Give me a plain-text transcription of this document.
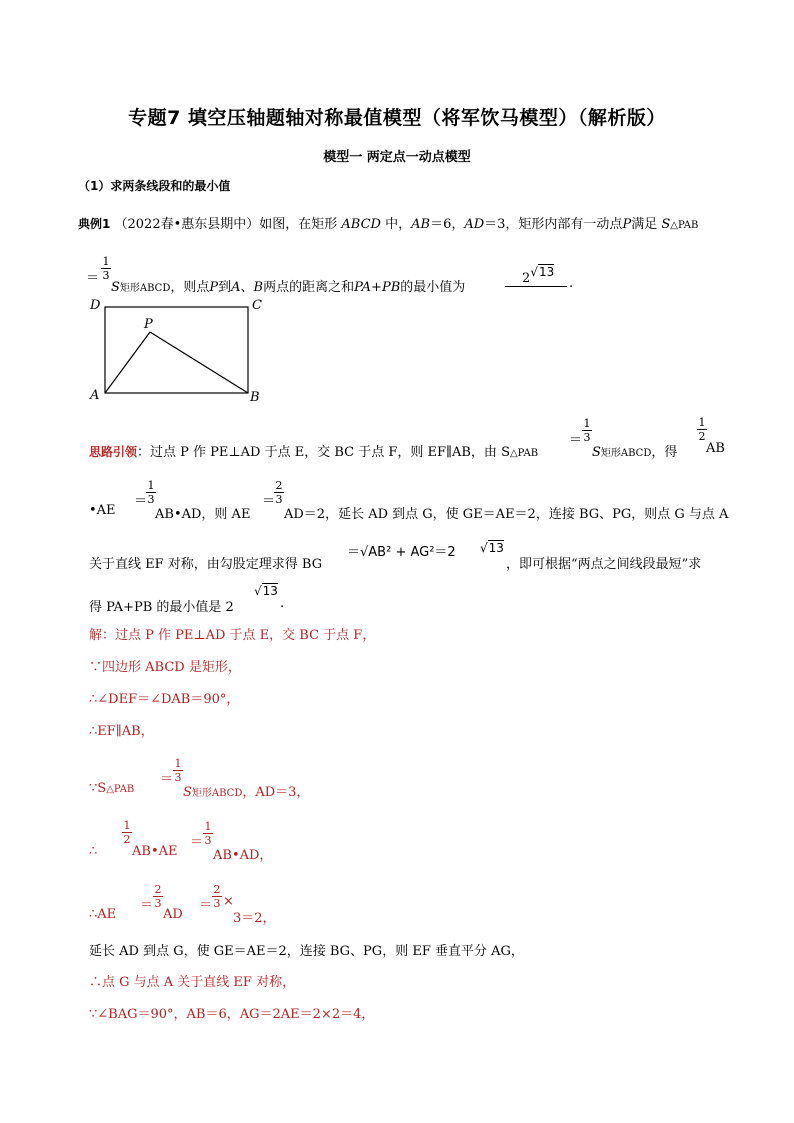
专题7 填空压轴题轴对称最值模型（将军饮马模型）（解析版）
模型一 两定点一动点模型
（1）求两条线段和的最小值
典例1 （2022春•惠东县期中）如图，在矩形 ABCD 中，AB＝6，AD＝3，矩形内部有一动点P满足 S△PAB
＝
1
3
S矩形ABCD，则点P到A、B两点的距离之和PA+PB的最小值为
2√13
.
D	C
A	B
P
思路引领：过点 P 作 PE⊥AD 于点 E，交 BC 于点 F，则 EF∥AB，由 S△PAB
＝
1
3
S矩形ABCD，得
1
2
AB
•AE
＝
1
3
AB•AD，则 AE
＝
2
3
AD＝2，延长 AD 到点 G，使 GE＝AE＝2，连接 BG、PG，则点 G 与点 A
关于直线 EF 对称，由勾股定理求得 BG
＝√AB² + AG²＝2 √13
，即可根据“两点之间线段最短”求
得 PA+PB 的最小值是 2
√13
.
解：过点 P 作 PE⊥AD 于点 E，交 BC 于点 F，
∵四边形 ABCD 是矩形，
∴∠DEF＝∠DAB＝90°，
∴EF∥AB，
∵S△PAB
＝
1
3
S矩形ABCD，AD＝3，
∴
1
2
AB•AE
＝
1
3
AB•AD，
∴AE
＝
2
3
AD
＝
2
3 ×
3＝2，
延长 AD 到点 G，使 GE＝AE＝2，连接 BG、PG，则 EF 垂直平分 AG，
∴点 G 与点 A 关于直线 EF 对称，
∵∠BAG＝90°，AB＝6，AG＝2AE＝2×2＝4，
